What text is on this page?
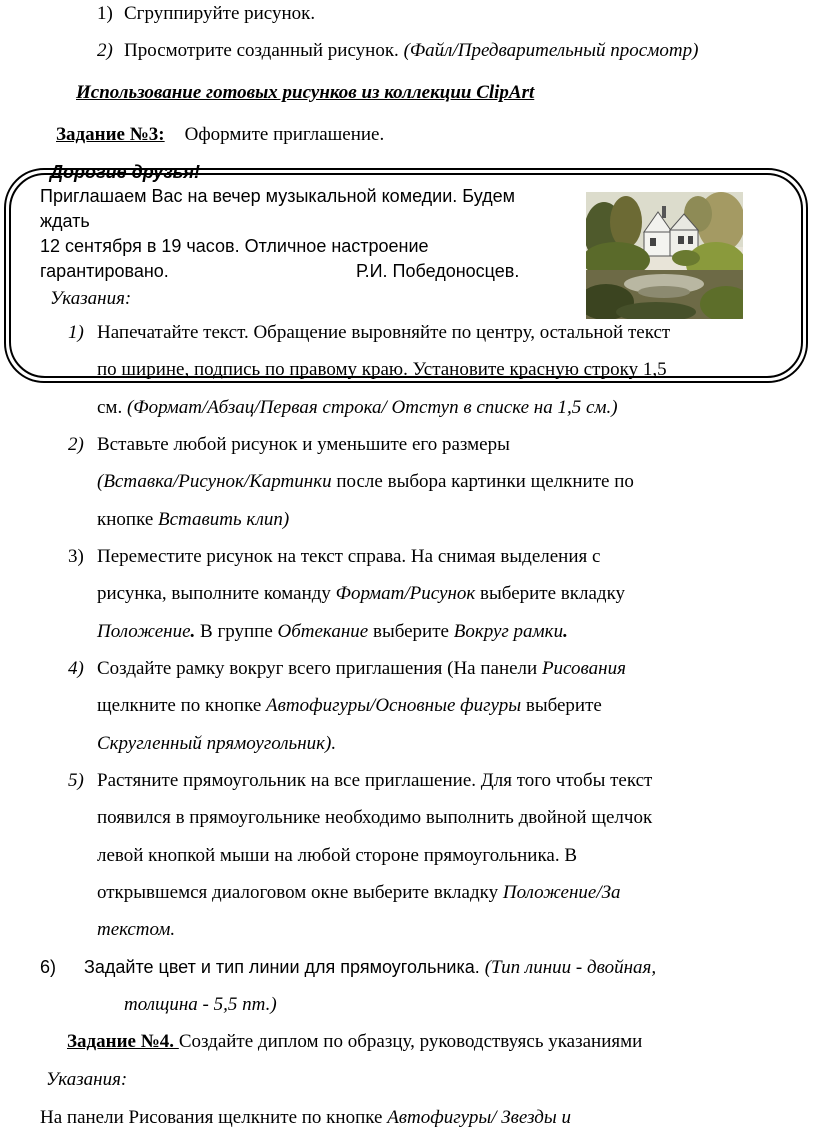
1) Сгруппируйте рисунок.
2) Просмотрите созданный рисунок. (Файл/Предварительный просмотр)
Использование готовых рисунков из коллекции ClipArt
Задание №3: Оформите приглашение.
Дорогие друзья!
Приглашаем Вас на вечер музыкальной комедии. Будем
ждать
12 сентября в 19 часов. Отличное настроение
гарантировано.	Р.И. Победоносцев.
Указания:
1) Напечатайте текст. Обращение выровняйте по центру, остальной текст
по ширине, подпись по правому краю. Установите красную строку 1,5
см. (Формат/Абзац/Первая строка/ Отступ в списке на 1,5 см.)
2) Вставьте любой рисунок и уменьшите его размеры
(Вставка/Рисунок/Картинки после выбора картинки щелкните по
кнопке Вставить клип)
3) Переместите рисунок на текст справа. На снимая выделения с
рисунка, выполните команду Формат/Рисунок выберите вкладку
Положение. В группе Обтекание выберите Вокруг рамки.
4) Создайте рамку вокруг всего приглашения (На панели Рисования
щелкните по кнопке Автофигуры/Основные фигуры выберите
Скругленный прямоугольник).
5) Растяните прямоугольник на все приглашение. Для того чтобы текст
появился в прямоугольнике необходимо выполнить двойной щелчок
левой кнопкой мыши на любой стороне прямоугольника. В
открывшемся диалоговом окне выберите вкладку Положение/За
текстом.
6) Задайте цвет и тип линии для прямоугольника. (Тип линии - двойная,
толщина - 5,5 пт.)
Задание №4. Создайте диплом по образцу, руководствуясь указаниями
Указания:
На панели Рисования щелкните по кнопке Автофигуры/ Звезды и
